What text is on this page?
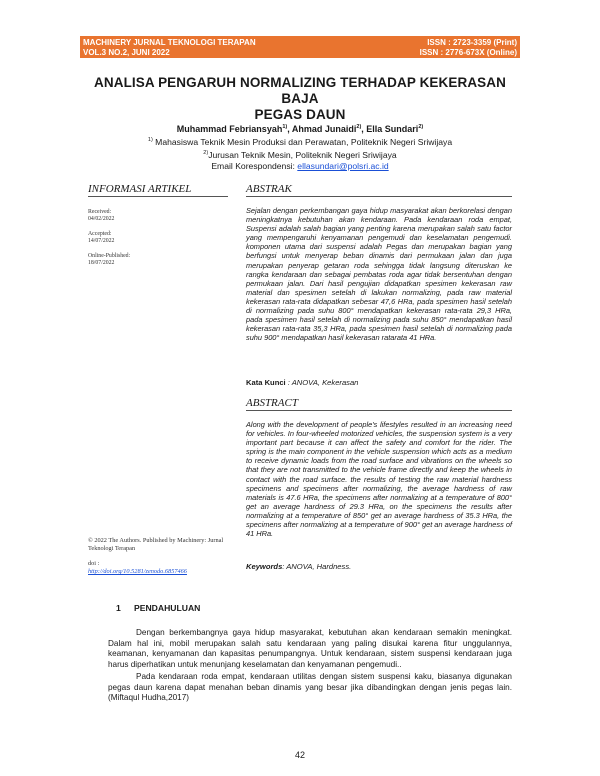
MACHINERY JURNAL TEKNOLOGI TERAPAN
VOL.3 NO.2, JUNI 2022
ISSN : 2723-3359 (Print)
ISSN : 2776-673X (Online)
ANALISA PENGARUH NORMALIZING TERHADAP KEKERASAN BAJA
PEGAS DAUN
Muhammad Febriansyah$^{1)}$, Ahmad Junaidi$^{2)}$, Ella Sundari$^{2)}$
$^{1)}$ Mahasiswa Teknik Mesin Produksi dan Perawatan, Politeknik Negeri Sriwijaya
$^{2)}$Jurusan Teknik Mesin, Politeknik Negeri Sriwijaya
Email Korespondensi: ellasundari@polsri.ac.id
INFORMASI ARTIKEL	ABSTRAK
Received:
04/02/2022
Accepted:
14/07/2022
Online-Published:
18/07/2022

Sejalan dengan perkembangan gaya hidup masyarakat akan berkorelasi dengan meningkatnya kebutuhan akan kendaraan. Pada kendaraan roda empat, Suspensi adalah salah bagian yang penting karena merupakan salah satu factor yang mempengaruhi kenyamanan pengemudi dan keselamatan pengemudi. komponen utama dari suspensi adalah Pegas dan merupakan bagian yang berfungsi untuk menyerap beban dinamis dari permukaan jalan dan juga merupakan penyerap getaran roda sehingga tidak langsung diteruskan ke rangka kendaraan dan sebagai pembatas roda agar tidak bersentuhan dengan permukaan jalan. Dari hasil pengujian didapatkan spesimen kekerasan raw material dan spesimen setelah di lakukan normalizing, pada raw material kekerasan rata-rata didapatkan sebesar 47,6 HRa, pada spesimen hasil setelah di normalizing pada suhu 800° mendapatkan kekerasan rata-rata 29,3 HRa, pada spesimen hasil setelah di normalizing pada suhu 850° mendapatkan hasil kekerasan rata-rata 35,3 HRa, pada spesimen hasil setelah di normalizing pada suhu 900° mendapatkan hasil kekerasan ratarata 41 HRa.

Kata Kunci : ANOVA, Kekerasan
ABSTRACT

Along with the development of people's lifestyles resulted in an increasing need for vehicles. In four-wheeled motorized vehicles, the suspension system is a very important part because it can affect the safety and comfort for the rider. The spring is the main component in the vehicle suspension which acts as a medium to receive dynamic loads from the road surface and vibrations on the wheels so that they are not transmitted to the vehicle frame directly and keep the wheels in contact with the road surface. the results of testing the raw material hardness specimens and specimens after normalizing, the average hardness of raw materials is 47.6 HRa, the specimens after normalizing at a temperature of 800° get an average hardness of 29.3 HRa, on the specimens the results after normalizing at a temperature of 850° get an average hardness of 35.3 HRa, the specimens after normalizing at a temperature of 900° get an average hardness of 41 HRa.

Keywords: ANOVA, Hardness.
© 2022 The Authors. Published by Machinery: Jurnal Teknologi Terapan
doi :
http://doi.org/10.5281/zenodo.6857466
1 PENDAHULUAN

Dengan berkembangnya gaya hidup masyarakat, kebutuhan akan kendaraan semakin meningkat. Dalam hal ini, mobil merupakan salah satu kendaraan yang paling disukai karena fitur unggulannya, keamanan, kenyamanan dan kapasitas penumpangnya. Untuk kendaraan, sistem suspensi kendaraan juga harus diperhatikan untuk menunjang keselamatan dan kenyamanan pengemudi..

Pada kendaraan roda empat, kendaraan utilitas dengan sistem suspensi kaku, biasanya digunakan pegas daun karena dapat menahan beban dinamis yang besar jika dibandingkan dengan jenis pegas lain. (Miftaqul Hudha,2017)

42
